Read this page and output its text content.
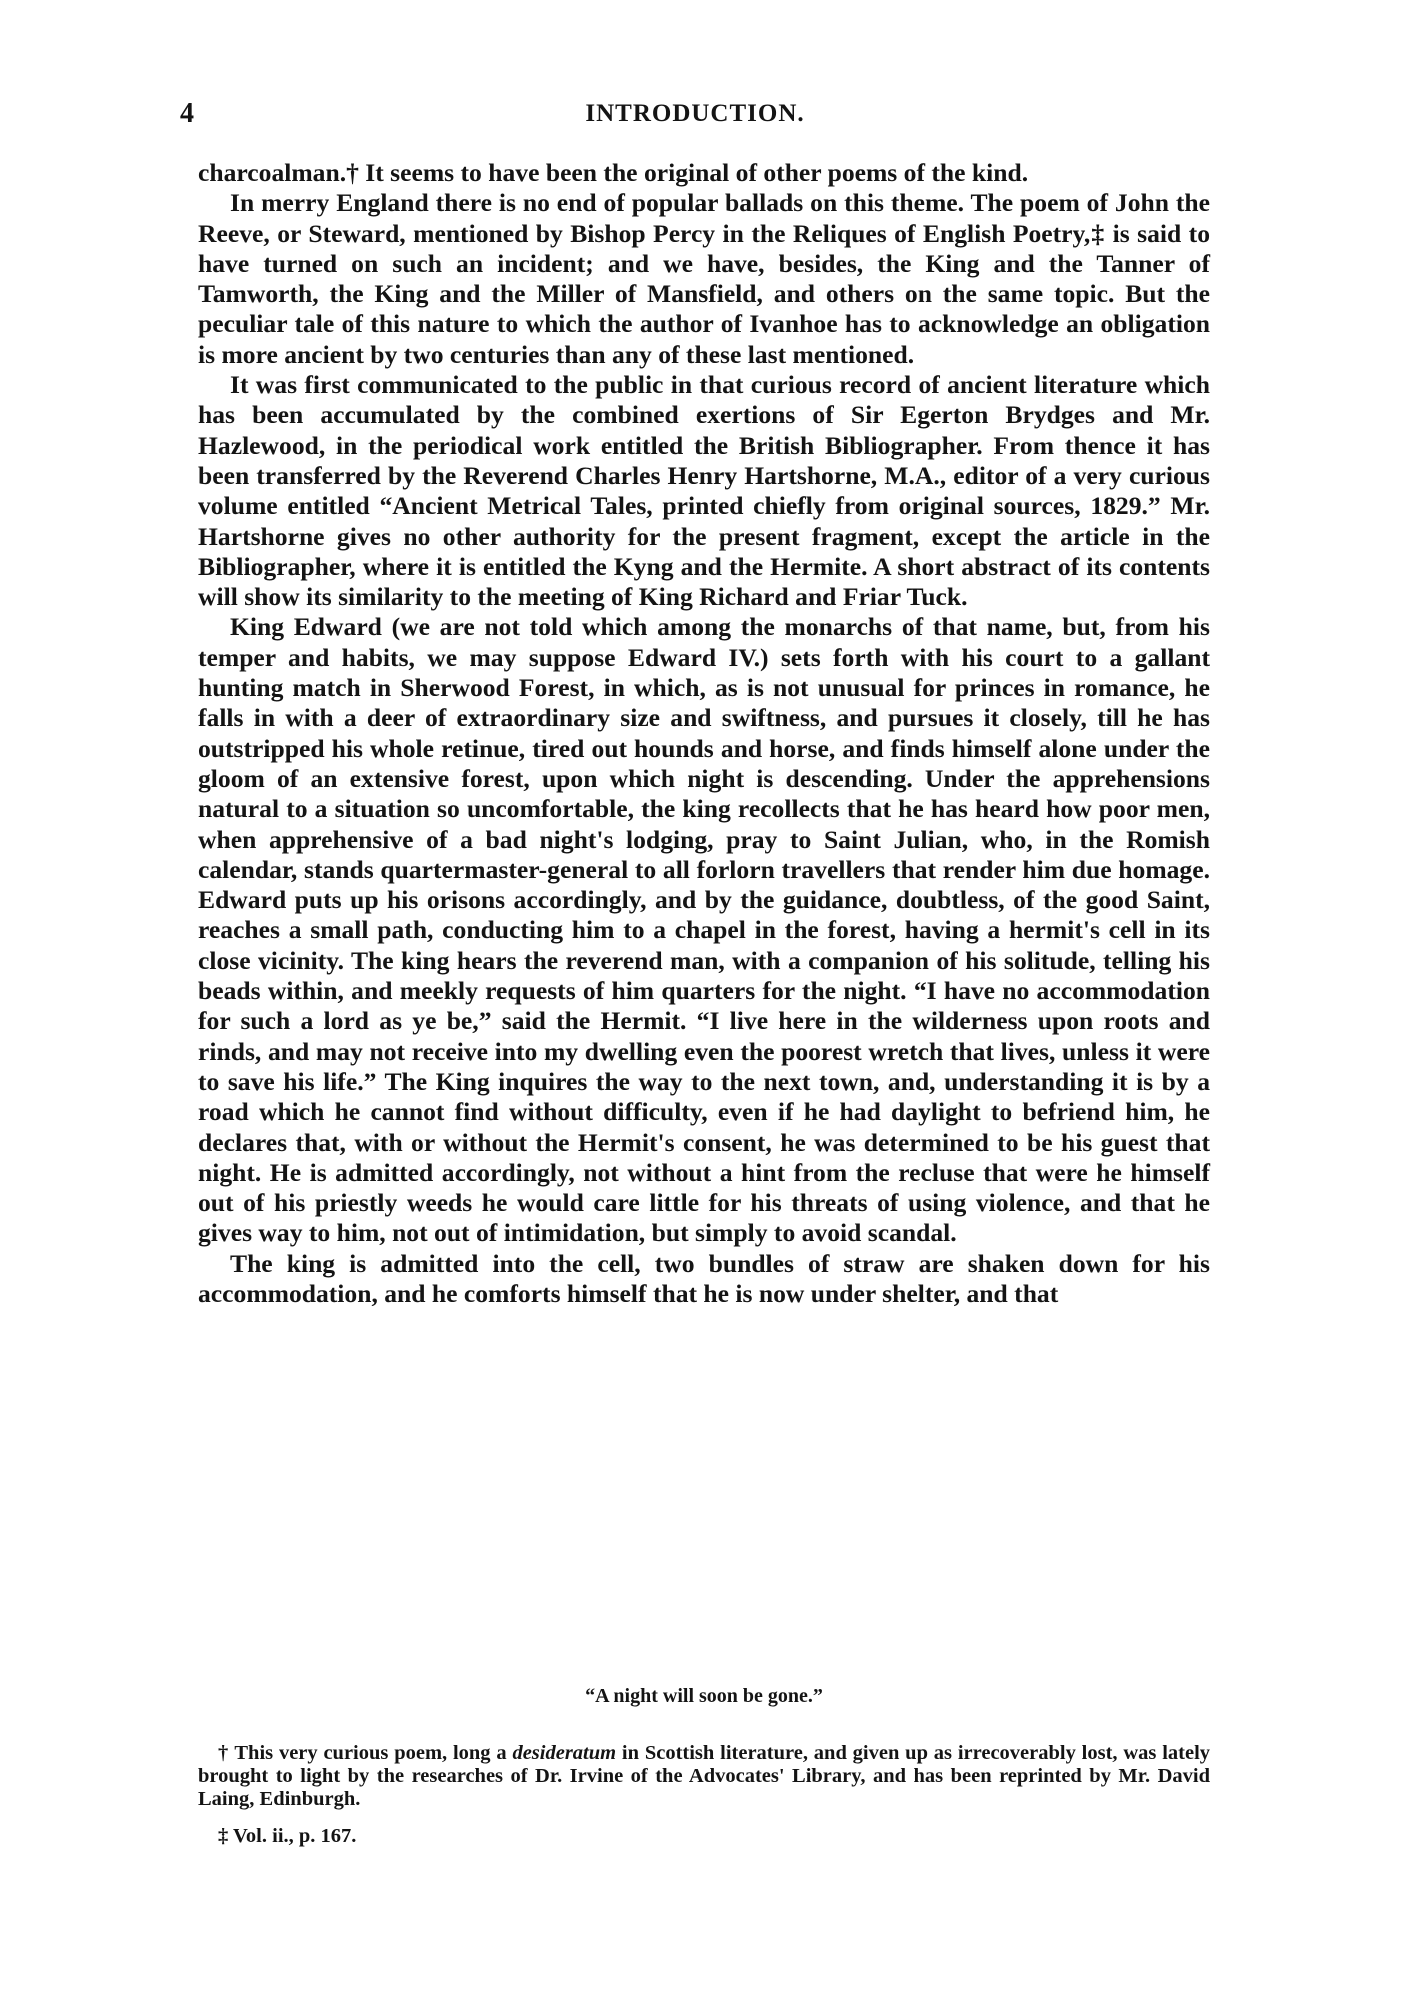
4	INTRODUCTION.

charcoalman.† It seems to have been the original of other poems of the kind.

In merry England there is no end of popular ballads on this theme. The poem of John the Reeve, or Steward, mentioned by Bishop Percy in the Reliques of English Poetry,‡ is said to have turned on such an incident; and we have, besides, the King and the Tanner of Tamworth, the King and the Miller of Mansfield, and others on the same topic. But the peculiar tale of this nature to which the author of Ivanhoe has to acknowledge an obligation is more ancient by two centuries than any of these last mentioned.

It was first communicated to the public in that curious record of ancient literature which has been accumulated by the combined exertions of Sir Egerton Brydges and Mr. Hazlewood, in the periodical work entitled the British Bibliographer. From thence it has been transferred by the Reverend Charles Henry Hartshorne, M.A., editor of a very curious volume entitled “Ancient Metrical Tales, printed chiefly from original sources, 1829.” Mr. Hartshorne gives no other authority for the present fragment, except the article in the Bibliographer, where it is entitled the Kyng and the Hermite. A short abstract of its contents will show its similarity to the meeting of King Richard and Friar Tuck.

King Edward (we are not told which among the monarchs of that name, but, from his temper and habits, we may suppose Edward IV.) sets forth with his court to a gallant hunting match in Sherwood Forest, in which, as is not unusual for princes in romance, he falls in with a deer of extraordinary size and swiftness, and pursues it closely, till he has outstripped his whole retinue, tired out hounds and horse, and finds himself alone under the gloom of an extensive forest, upon which night is descending. Under the apprehensions natural to a situation so uncomfortable, the king recollects that he has heard how poor men, when apprehensive of a bad night's lodging, pray to Saint Julian, who, in the Romish calendar, stands quartermaster-general to all forlorn travellers that render him due homage. Edward puts up his orisons accordingly, and by the guidance, doubtless, of the good Saint, reaches a small path, conducting him to a chapel in the forest, having a hermit's cell in its close vicinity. The king hears the reverend man, with a companion of his solitude, telling his beads within, and meekly requests of him quarters for the night. “I have no accommodation for such a lord as ye be,” said the Hermit. “I live here in the wilderness upon roots and rinds, and may not receive into my dwelling even the poorest wretch that lives, unless it were to save his life.” The King inquires the way to the next town, and, understanding it is by a road which he cannot find without difficulty, even if he had daylight to befriend him, he declares that, with or without the Hermit's consent, he was determined to be his guest that night. He is admitted accordingly, not without a hint from the recluse that were he himself out of his priestly weeds he would care little for his threats of using violence, and that he gives way to him, not out of intimidation, but simply to avoid scandal.

The king is admitted into the cell, two bundles of straw are shaken down for his accommodation, and he comforts himself that he is now under shelter, and that

“A night will soon be gone.”

† This very curious poem, long a desideratum in Scottish literature, and given up as irrecoverably lost, was lately brought to light by the researches of Dr. Irvine of the Advocates' Library, and has been reprinted by Mr. David Laing, Edinburgh.

‡ Vol. ii., p. 167.
